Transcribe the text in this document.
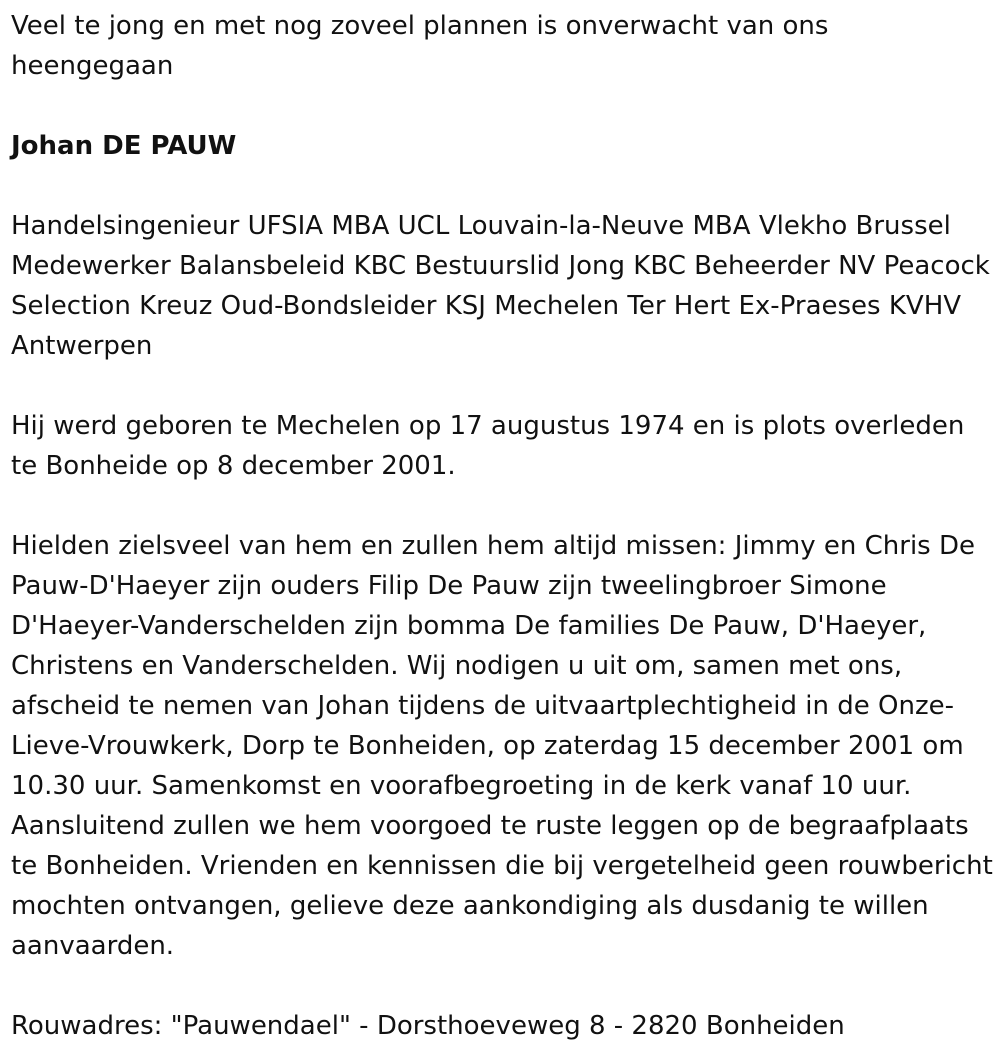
Veel te jong en met nog zoveel plannen is onverwacht van ons heengegaan

Johan DE PAUW

Handelsingenieur UFSIA MBA UCL Louvain-la-Neuve MBA Vlekho Brussel Medewerker Balansbeleid KBC Bestuurslid Jong KBC Beheerder NV Peacock Selection Kreuz Oud-Bondsleider KSJ Mechelen Ter Hert Ex-Praeses KVHV Antwerpen

Hij werd geboren te Mechelen op 17 augustus 1974 en is plots overleden te Bonheide op 8 december 2001.

Hielden zielsveel van hem en zullen hem altijd missen: Jimmy en Chris De Pauw-D'Haeyer zijn ouders Filip De Pauw zijn tweelingbroer Simone D'Haeyer-Vanderschelden zijn bomma De families De Pauw, D'Haeyer, Christens en Vanderschelden. Wij nodigen u uit om, samen met ons, afscheid te nemen van Johan tijdens de uitvaartplechtigheid in de Onze-Lieve-Vrouwkerk, Dorp te Bonheiden, op zaterdag 15 december 2001 om 10.30 uur. Samenkomst en voorafbegroeting in de kerk vanaf 10 uur. Aansluitend zullen we hem voorgoed te ruste leggen op de begraafplaats te Bonheiden. Vrienden en kennissen die bij vergetelheid geen rouwbericht mochten ontvangen, gelieve deze aankondiging als dusdanig te willen aanvaarden.

Rouwadres: "Pauwendael" - Dorsthoeveweg 8 - 2820 Bonheiden
